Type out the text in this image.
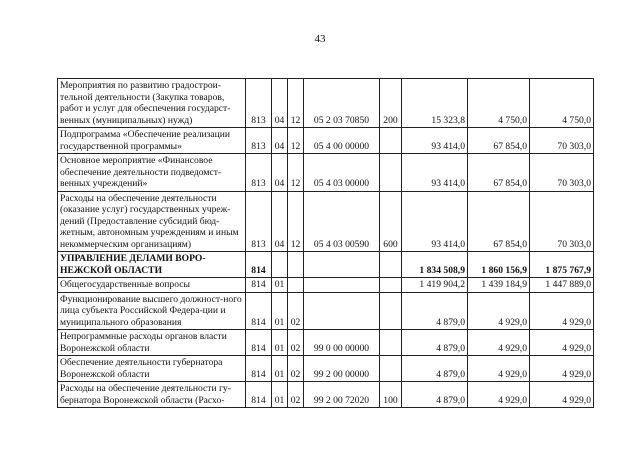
43
Мероприятия по развитию градострои-тельной деятельности (Закупка товаров, работ и услуг для обеспечения государст-венных (муниципальных) нужд)	813	04	12	05 2 03 70850	200	15 323,8	4 750,0	4 750,0
Подпрограмма «Обеспечение реализации государственной программы»	813	04	12	05 4 00 00000		93 414,0	67 854,0	70 303,0
Основное мероприятие «Финансовое обеспечение деятельности подведомст-венных учреждений»	813	04	12	05 4 03 00000		93 414,0	67 854,0	70 303,0
Расходы на обеспечение деятельности (оказание услуг) государственных учреж-дений (Предоставление субсидий бюд-жетным, автономным учреждениям и иным некоммерческим организациям)	813	04	12	05 4 03 00590	600	93 414,0	67 854,0	70 303,0
УПРАВЛЕНИЕ ДЕЛАМИ ВОРО-НЕЖСКОЙ ОБЛАСТИ	814					1 834 508,9	1 860 156,9	1 875 767,9
Общегосударственные вопросы	814	01				1 419 904,2	1 439 184,9	1 447 889,0
Функционирование высшего должност-ного лица субъекта Российской Федера-ции и муниципального образования	814	01	02			4 879,0	4 929,0	4 929,0
Непрограммные расходы органов власти Воронежской области	814	01	02	99 0 00 00000		4 879,0	4 929,0	4 929,0
Обеспечение деятельности губернатора Воронежской области	814	01	02	99 2 00 00000		4 879,0	4 929,0	4 929,0
Расходы на обеспечение деятельности гу-бернатора Воронежской области (Расхо-	814	01	02	99 2 00 72020	100	4 879,0	4 929,0	4 929,0
